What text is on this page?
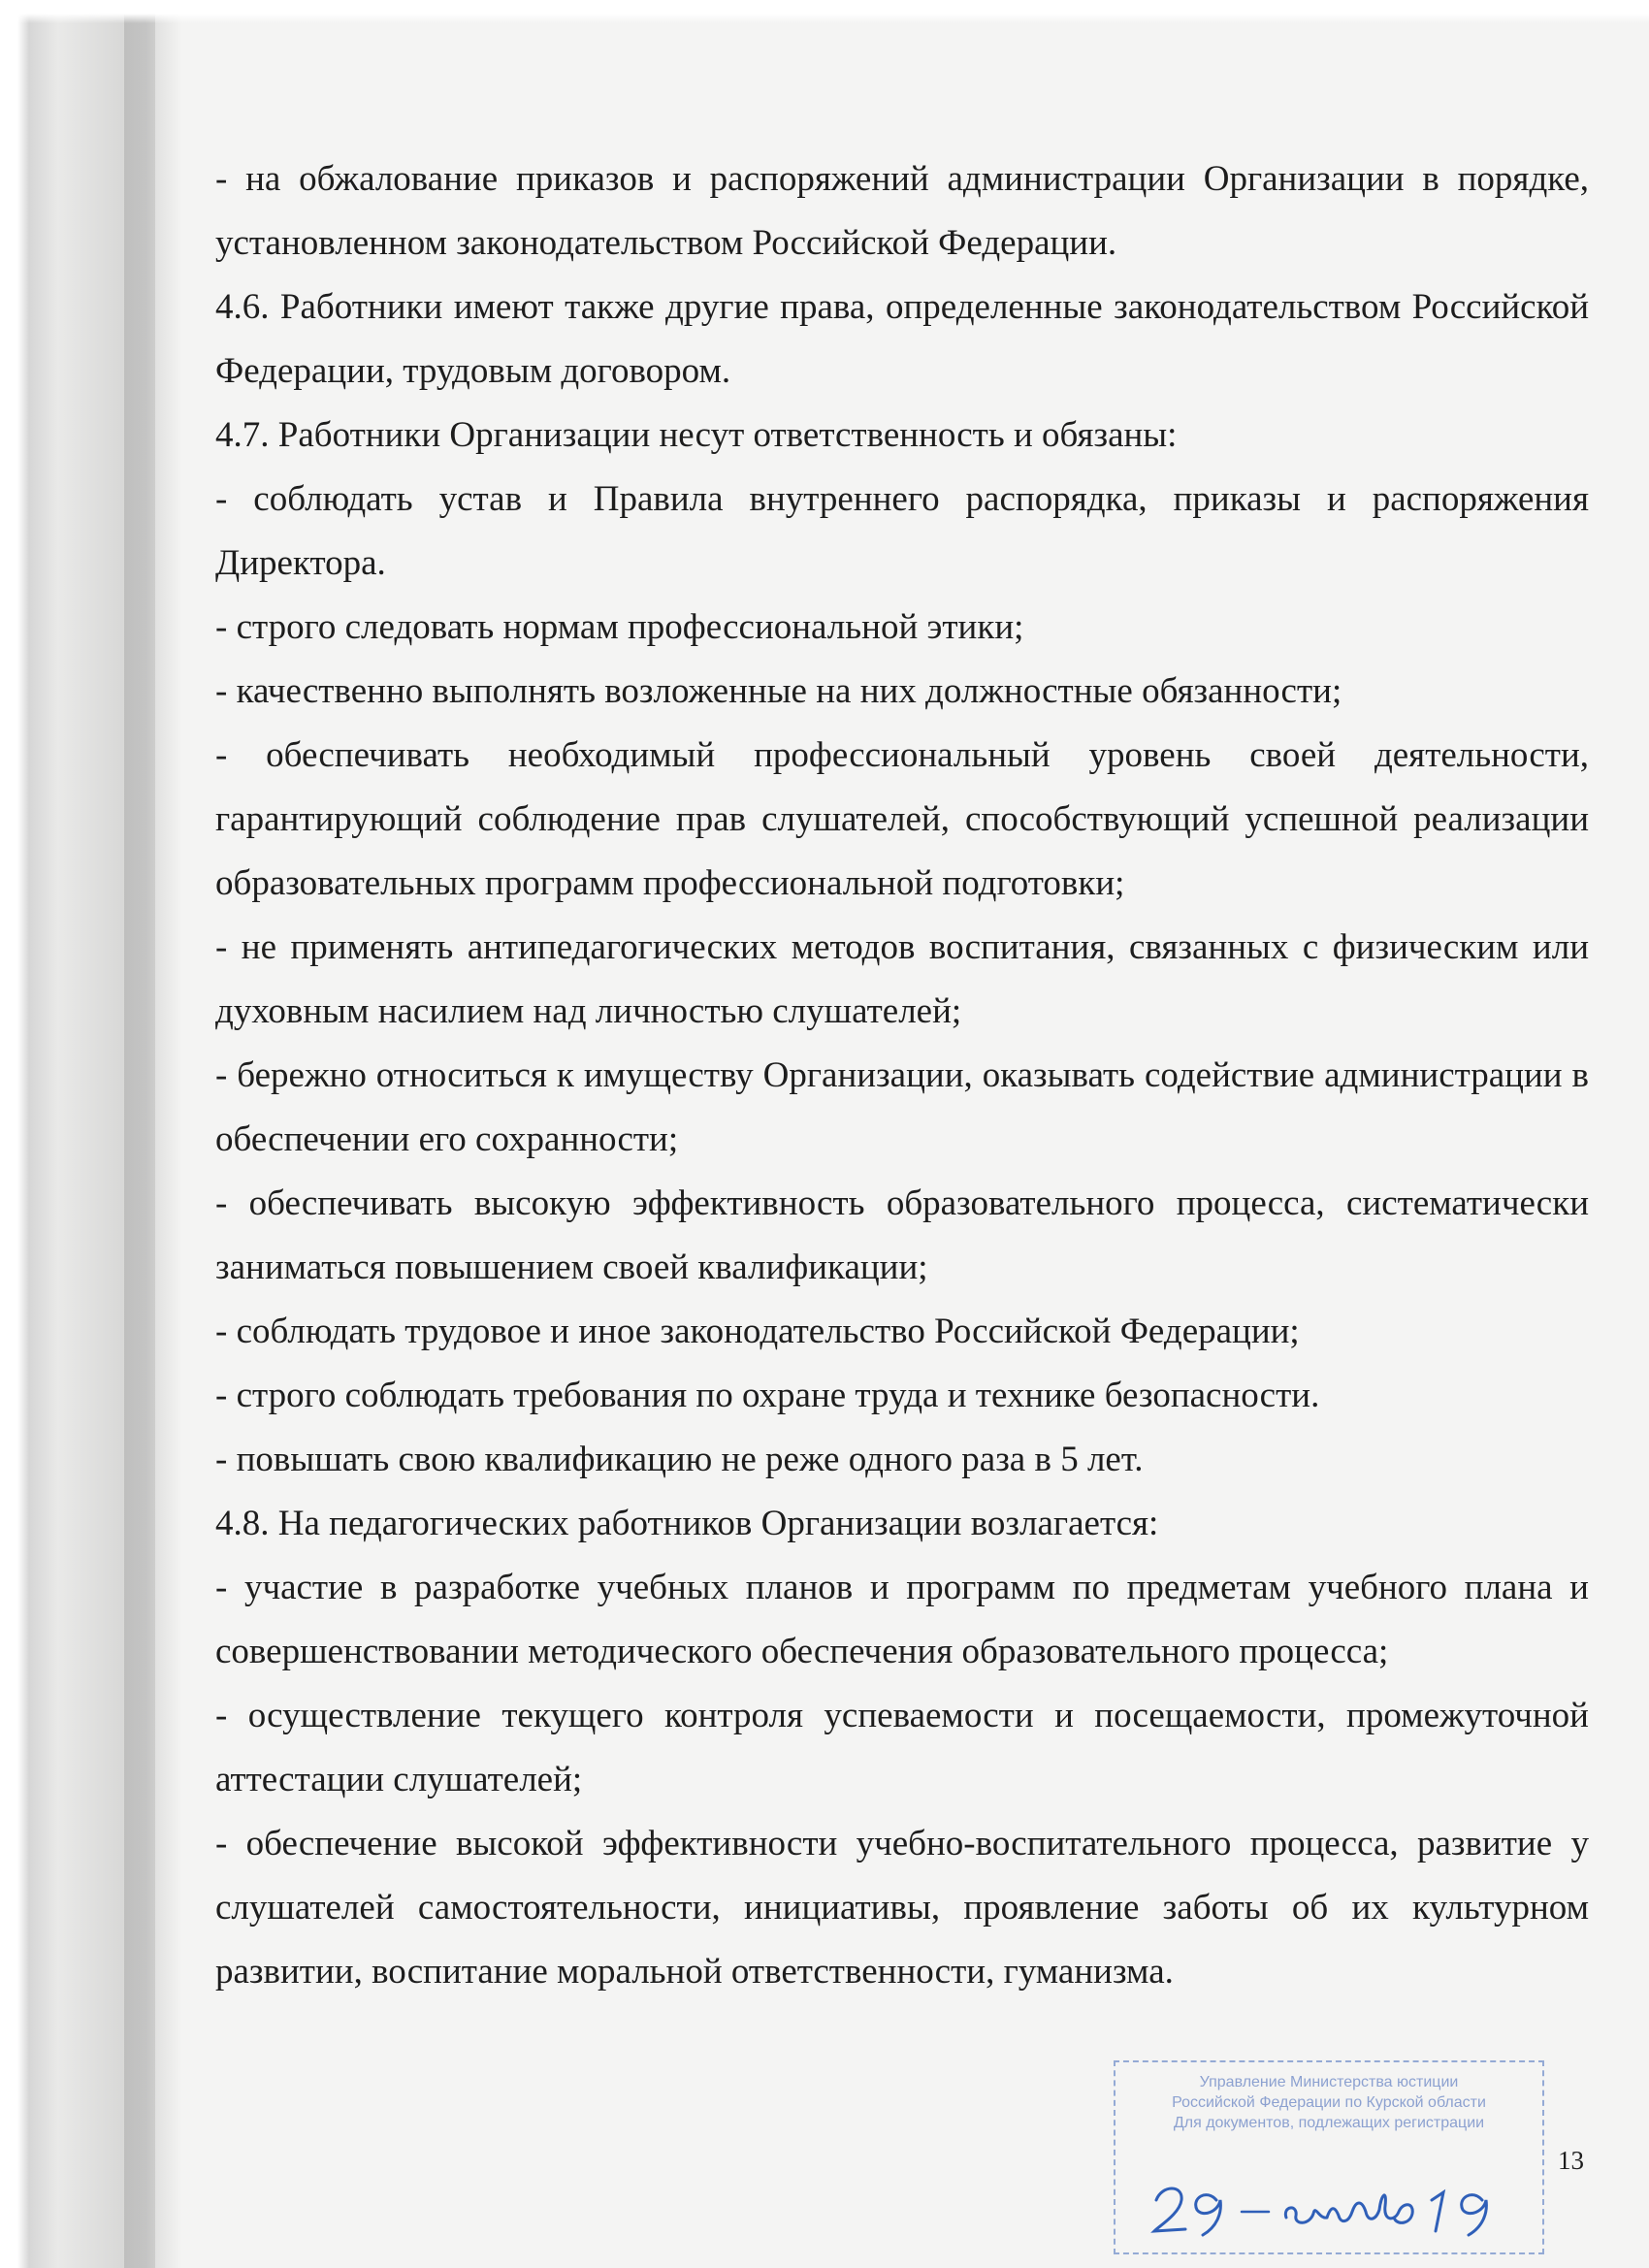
- на обжалование приказов и распоряжений администрации Организации в порядке, установленном законодательством Российской Федерации.

4.6. Работники имеют также другие права, определенные законодательством Российской Федерации, трудовым договором.

4.7. Работники Организации несут ответственность и обязаны:

- соблюдать устав и Правила внутреннего распорядка, приказы и распоряжения Директора.

- строго следовать нормам профессиональной этики;

- качественно выполнять возложенные на них должностные обязанности;

- обеспечивать необходимый профессиональный уровень своей деятельности, гарантирующий соблюдение прав слушателей, способствующий успешной реализации образовательных программ профессиональной подготовки;

- не применять антипедагогических методов воспитания, связанных с физическим или духовным насилием над личностью слушателей;

- бережно относиться к имуществу Организации, оказывать содействие администрации в обеспечении его сохранности;

- обеспечивать высокую эффективность образовательного процесса, систематически заниматься повышением своей квалификации;

- соблюдать трудовое и иное законодательство Российской Федерации;

- строго соблюдать требования по охране труда и технике безопасности.

- повышать свою квалификацию не реже одного раза в 5 лет.

4.8. На педагогических работников Организации возлагается:

- участие в разработке учебных планов и программ по предметам учебного плана и совершенствовании методического обеспечения образовательного процесса;

- осуществление текущего контроля успеваемости и посещаемости, промежуточной аттестации слушателей;

- обеспечение высокой эффективности учебно-воспитательного процесса, развитие у слушателей самостоятельности, инициативы, проявление заботы об их культурном развитии, воспитание моральной ответственности, гуманизма.

Управление Министерства юстиции
Российской Федерации по Курской области
Для документов, подлежащих регистрации
13
